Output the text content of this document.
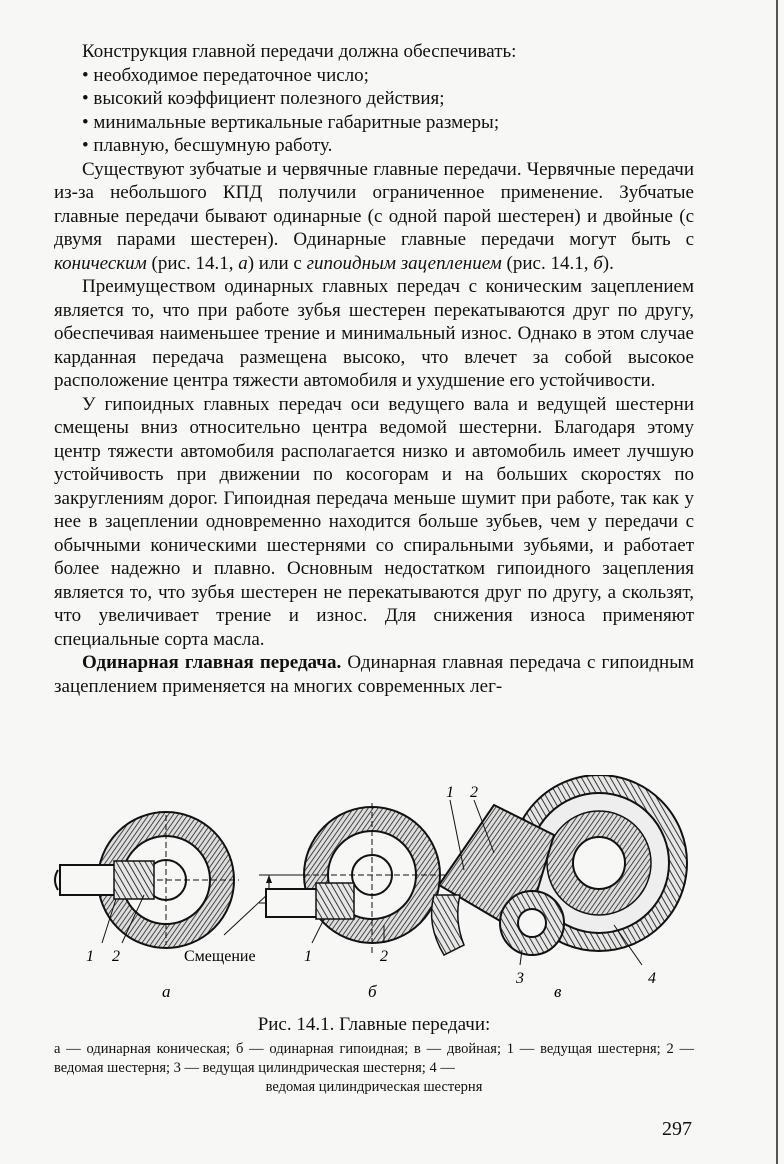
Конструкция главной передачи должна обеспечивать:

• необходимое передаточное число;
• высокий коэффициент полезного действия;
• минимальные вертикальные габаритные размеры;
• плавную, бесшумную работу.

Существуют зубчатые и червячные главные передачи. Червячные передачи из-за небольшого КПД получили ограниченное применение. Зубчатые главные передачи бывают одинарные (с одной парой шестерен) и двойные (с двумя парами шестерен). Одинарные главные передачи могут быть с коническим (рис. 14.1, а) или с гипоидным зацеплением (рис. 14.1, б).

Преимуществом одинарных главных передач с коническим зацеплением является то, что при работе зубья шестерен перекатываются друг по другу, обеспечивая наименьшее трение и минимальный износ. Однако в этом случае карданная передача размещена высоко, что влечет за собой высокое расположение центра тяжести автомобиля и ухудшение его устойчивости.

У гипоидных главных передач оси ведущего вала и ведущей шестерни смещены вниз относительно центра ведомой шестерни. Благодаря этому центр тяжести автомобиля располагается низко и автомобиль имеет лучшую устойчивость при движении по косогорам и на больших скоростях по закруглениям дорог. Гипоидная передача меньше шумит при работе, так как у нее в зацеплении одновременно находится больше зубьев, чем у передачи с обычными коническими шестернями со спиральными зубьями, и работает более надежно и плавно. Основным недостатком гипоидного зацепления является то, что зубья шестерен не перекатываются друг по другу, а скользят, что увеличивает трение и износ. Для снижения износа применяют специальные сорта масла.

Одинарная главная передача. Одинарная главная передача с гипоидным зацеплением применяется на многих современных лег-

1 2	Смещение	1	2
1 2
3	4
а	б	в
Рис. 14.1. Главные передачи:
а — одинарная коническая; б — одинарная гипоидная; в — двойная; 1 — ведущая шестерня; 2 — ведомая шестерня; 3 — ведущая цилиндрическая шестерня; 4 —
ведомая цилиндрическая шестерня
297
